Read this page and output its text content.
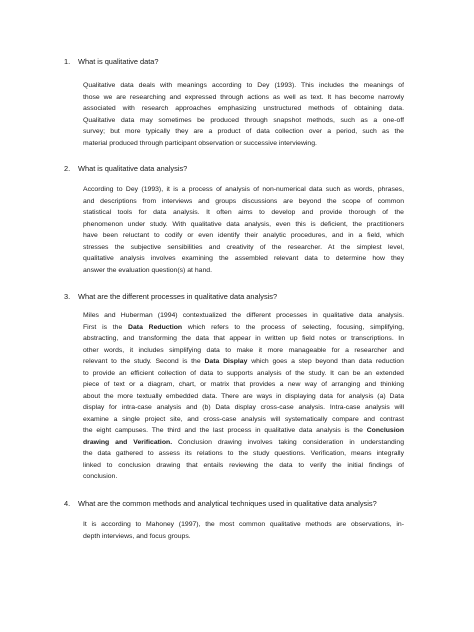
1. What is qualitative data?
Qualitative data deals with meanings according to Dey (1993). This includes the meanings of
those we are researching and expressed through actions as well as text. It has become narrowly
associated with research approaches emphasizing unstructured methods of obtaining data.
Qualitative data may sometimes be produced through snapshot methods, such as a one-off
survey; but more typically they are a product of data collection over a period, such as the
material produced through participant observation or successive interviewing.
2. What is qualitative data analysis?
According to Dey (1993), it is a process of analysis of non-numerical data such as words, phrases,
and descriptions from interviews and groups discussions are beyond the scope of common
statistical tools for data analysis. It often aims to develop and provide thorough of the
phenomenon under study. With qualitative data analysis, even this is deficient, the practitioners
have been reluctant to codify or even identify their analytic procedures, and in a field, which
stresses the subjective sensibilities and creativity of the researcher. At the simplest level,
qualitative analysis involves examining the assembled relevant data to determine how they
answer the evaluation question(s) at hand.
3. What are the different processes in qualitative data analysis?
Miles and Huberman (1994) contextualized the different processes in qualitative data analysis.
First is the Data Reduction which refers to the process of selecting, focusing, simplifying,
abstracting, and transforming the data that appear in written up field notes or transcriptions. In
other words, it includes simplifying data to make it more manageable for a researcher and
relevant to the study. Second is the Data Display which goes a step beyond than data reduction
to provide an efficient collection of data to supports analysis of the study. It can be an extended
piece of text or a diagram, chart, or matrix that provides a new way of arranging and thinking
about the more textually embedded data. There are ways in displaying data for analysis (a) Data
display for intra-case analysis and (b) Data display cross-case analysis. Intra-case analysis will
examine a single project site, and cross-case analysis will systematically compare and contrast
the eight campuses. The third and the last process in qualitative data analysis is the Conclusion
drawing and Verification. Conclusion drawing involves taking consideration in understanding
the data gathered to assess its relations to the study questions. Verification, means integrally
linked to conclusion drawing that entails reviewing the data to verify the initial findings of
conclusion.
4. What are the common methods and analytical techniques used in qualitative data analysis?
It is according to Mahoney (1997), the most common qualitative methods are observations, in-
depth interviews, and focus groups.
